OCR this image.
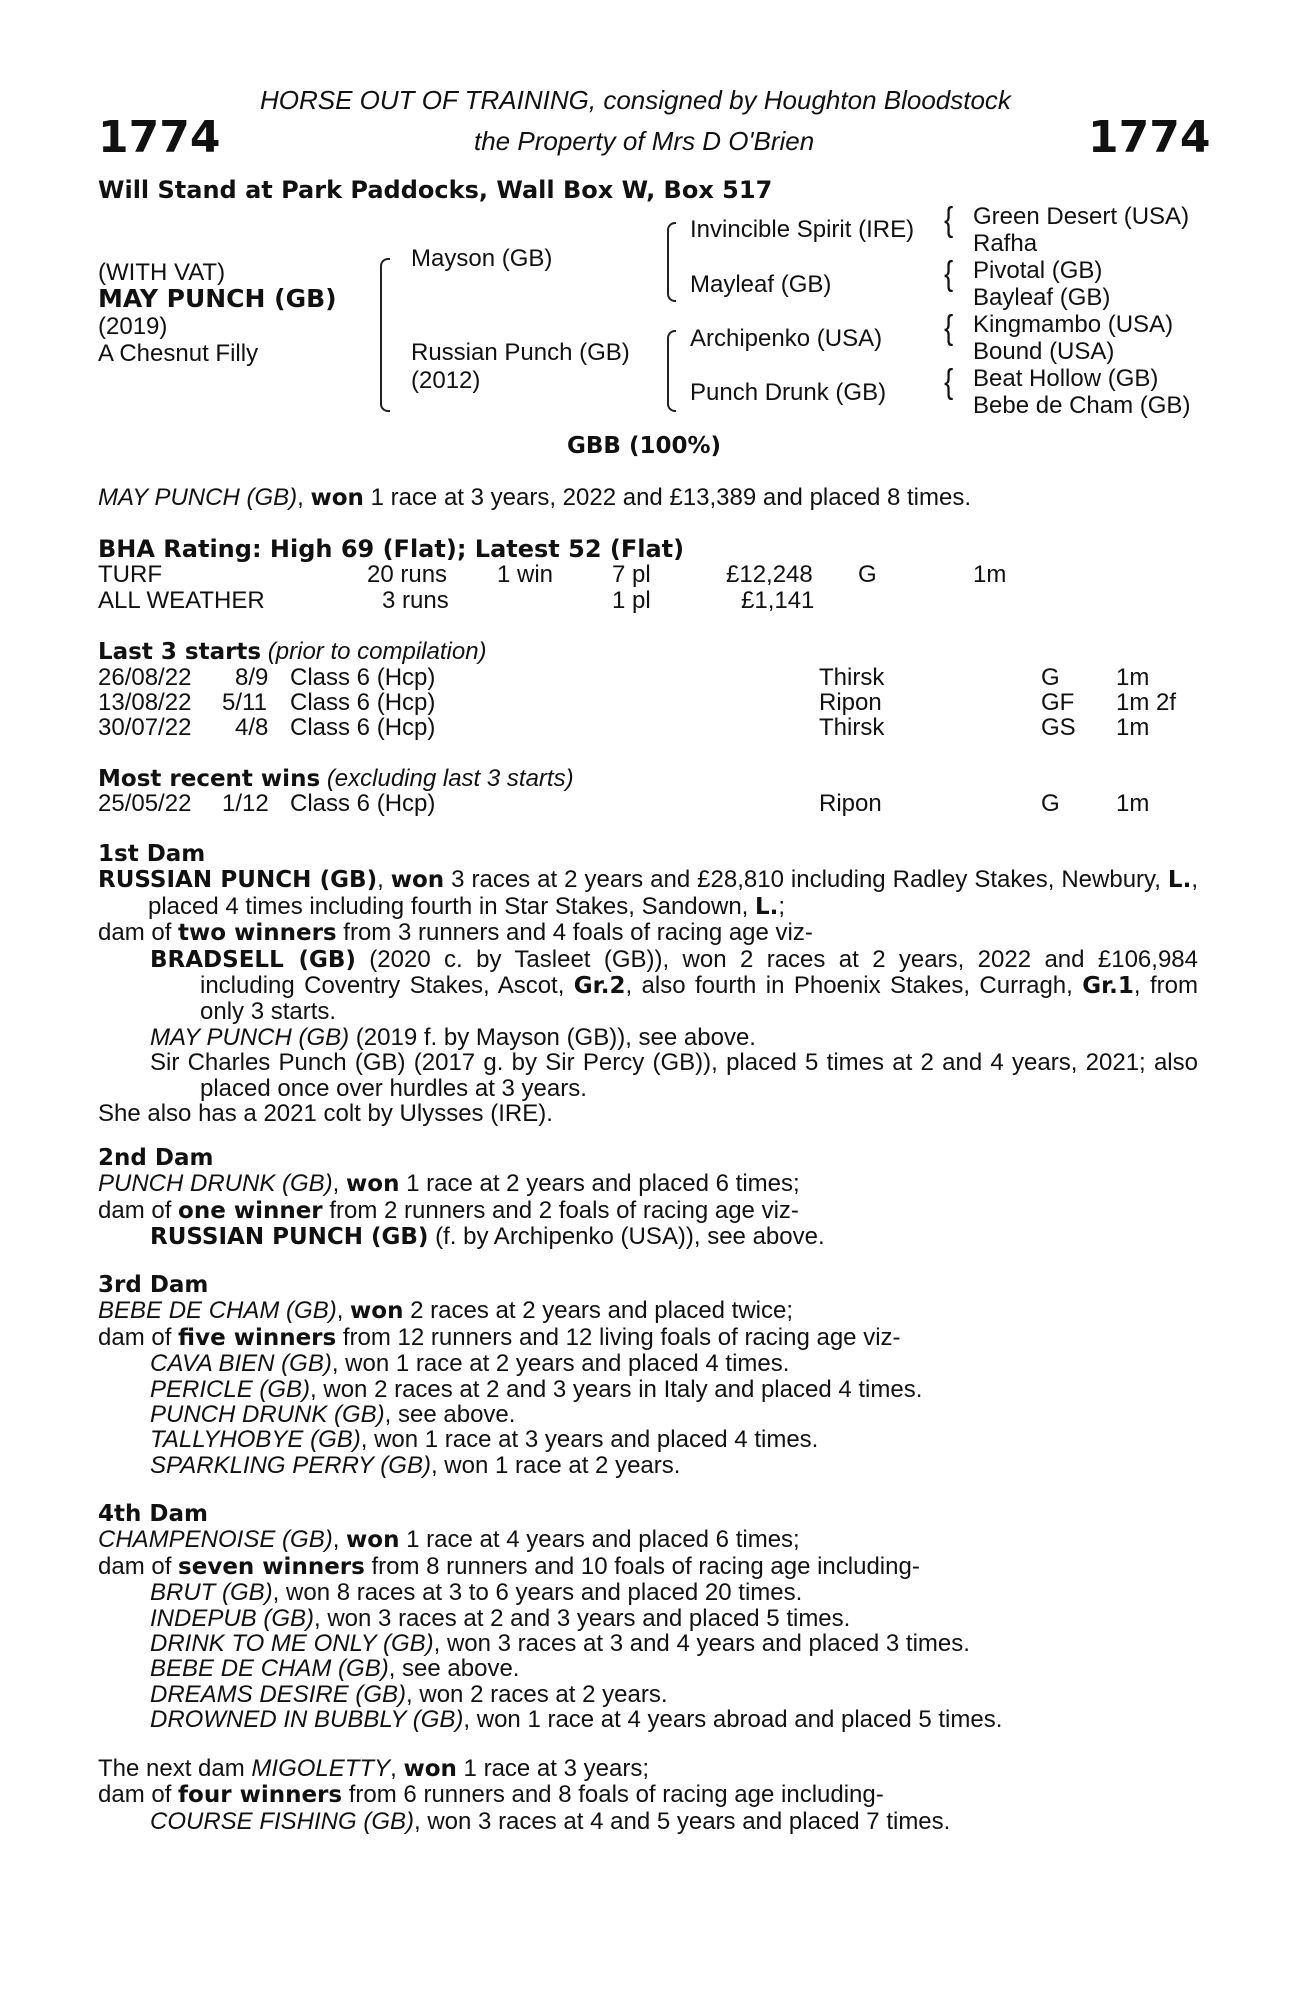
HORSE OUT OF TRAINING, consigned by Houghton Bloodstock
the Property of Mrs D O'Brien
1774	1774
Will Stand at Park Paddocks, Wall Box W, Box 517
(WITH VAT)
MAY PUNCH (GB)
(2019)
A Chesnut Filly
Mayson (GB)
Russian Punch (GB)
(2012)
Invincible Spirit (IRE)
Mayleaf (GB)
Archipenko (USA)
Punch Drunk (GB)
{
{
{
{
Green Desert (USA)
Rafha
Pivotal (GB)
Bayleaf (GB)
Kingmambo (USA)
Bound (USA)
Beat Hollow (GB)
Bebe de Cham (GB)
GBB (100%)
MAY PUNCH (GB), won 1 race at 3 years, 2022 and £13,389 and placed 8 times.
BHA Rating: High 69 (Flat); Latest 52 (Flat)
TURF	20 runs 1 win 7 pl	£12,248 G	1m
ALL WEATHER	3 runs	1 pl	£1,141
Last 3 starts (prior to compilation)
26/08/22 8/9 Class 6 (Hcp)	Thirsk	G 1m
13/08/22 5/11 Class 6 (Hcp)	Ripon	GF 1m 2f
30/07/22 4/8 Class 6 (Hcp)	Thirsk	GS 1m
Most recent wins (excluding last 3 starts)
25/05/22 1/12 Class 6 (Hcp)	Ripon	G 1m

1st Dam

RUSSIAN PUNCH (GB), won 3 races at 2 years and £28,810 including Radley Stakes, Newbury, L., placed 4 times including fourth in Star Stakes, Sandown, L.;

dam of two winners from 3 runners and 4 foals of racing age viz-

BRADSELL (GB) (2020 c. by Tasleet (GB)), won 2 races at 2 years, 2022 and £106,984 including Coventry Stakes, Ascot, Gr.2, also fourth in Phoenix Stakes, Curragh, Gr.1, from only 3 starts.

MAY PUNCH (GB) (2019 f. by Mayson (GB)), see above.

Sir Charles Punch (GB) (2017 g. by Sir Percy (GB)), placed 5 times at 2 and 4 years, 2021; also placed once over hurdles at 3 years.

She also has a 2021 colt by Ulysses (IRE).

2nd Dam

PUNCH DRUNK (GB), won 1 race at 2 years and placed 6 times;

dam of one winner from 2 runners and 2 foals of racing age viz-

RUSSIAN PUNCH (GB) (f. by Archipenko (USA)), see above.

3rd Dam

BEBE DE CHAM (GB), won 2 races at 2 years and placed twice;

dam of five winners from 12 runners and 12 living foals of racing age viz-

CAVA BIEN (GB), won 1 race at 2 years and placed 4 times.

PERICLE (GB), won 2 races at 2 and 3 years in Italy and placed 4 times.

PUNCH DRUNK (GB), see above.

TALLYHOBYE (GB), won 1 race at 3 years and placed 4 times.

SPARKLING PERRY (GB), won 1 race at 2 years.

4th Dam

CHAMPENOISE (GB), won 1 race at 4 years and placed 6 times;

dam of seven winners from 8 runners and 10 foals of racing age including-

BRUT (GB), won 8 races at 3 to 6 years and placed 20 times.

INDEPUB (GB), won 3 races at 2 and 3 years and placed 5 times.

DRINK TO ME ONLY (GB), won 3 races at 3 and 4 years and placed 3 times.

BEBE DE CHAM (GB), see above.

DREAMS DESIRE (GB), won 2 races at 2 years.

DROWNED IN BUBBLY (GB), won 1 race at 4 years abroad and placed 5 times.

The next dam MIGOLETTY, won 1 race at 3 years;

dam of four winners from 6 runners and 8 foals of racing age including-

COURSE FISHING (GB), won 3 races at 4 and 5 years and placed 7 times.
